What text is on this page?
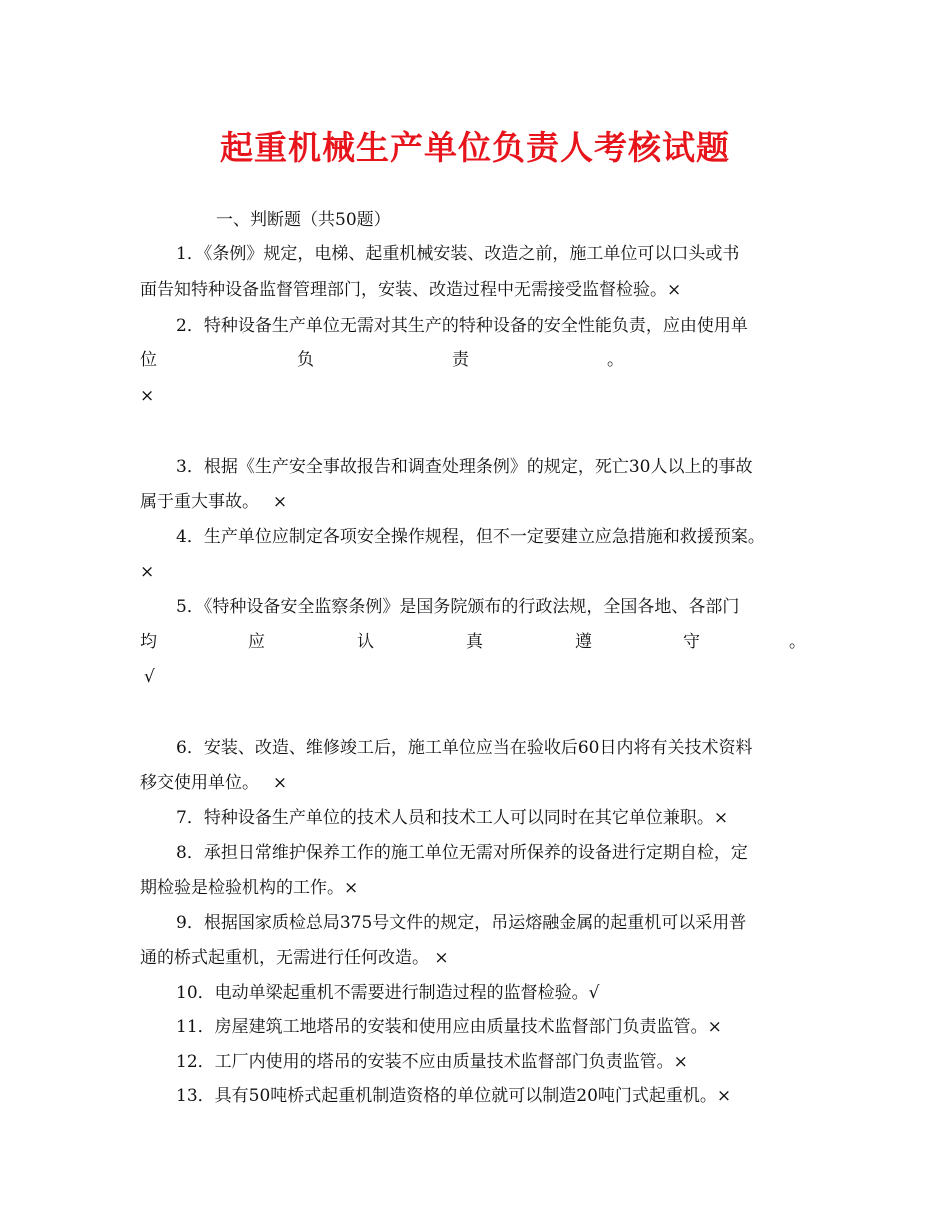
起重机械生产单位负责人考核试题
一、判断题（共50题）
1．《条例》规定，电梯、起重机械安装、改造之前，施工单位可以口头或书
面告知特种设备监督管理部门，安装、改造过程中无需接受监督检验。×
2．特种设备生产单位无需对其生产的特种设备的安全性能负责，应由使用单
位	负	责	。
×
3．根据《生产安全事故报告和调查处理条例》的规定，死亡30人以上的事故
属于重大事故。　 ×
4．生产单位应制定各项安全操作规程，但不一定要建立应急措施和救援预案。
×
5．《特种设备安全监察条例》是国务院颁布的行政法规，全国各地、各部门
均	应	认	真	遵	守	。
√
6．安装、改造、维修竣工后，施工单位应当在验收后60日内将有关技术资料
移交使用单位。　 ×
7．特种设备生产单位的技术人员和技术工人可以同时在其它单位兼职。×
8．承担日常维护保养工作的施工单位无需对所保养的设备进行定期自检，定
期检验是检验机构的工作。×
9．根据国家质检总局375号文件的规定，吊运熔融金属的起重机可以采用普
通的桥式起重机，无需进行任何改造。 ×
10．电动单梁起重机不需要进行制造过程的监督检验。√
11．房屋建筑工地塔吊的安装和使用应由质量技术监督部门负责监管。×
12．工厂内使用的塔吊的安装不应由质量技术监督部门负责监管。×
13．具有50吨桥式起重机制造资格的单位就可以制造20吨门式起重机。×
